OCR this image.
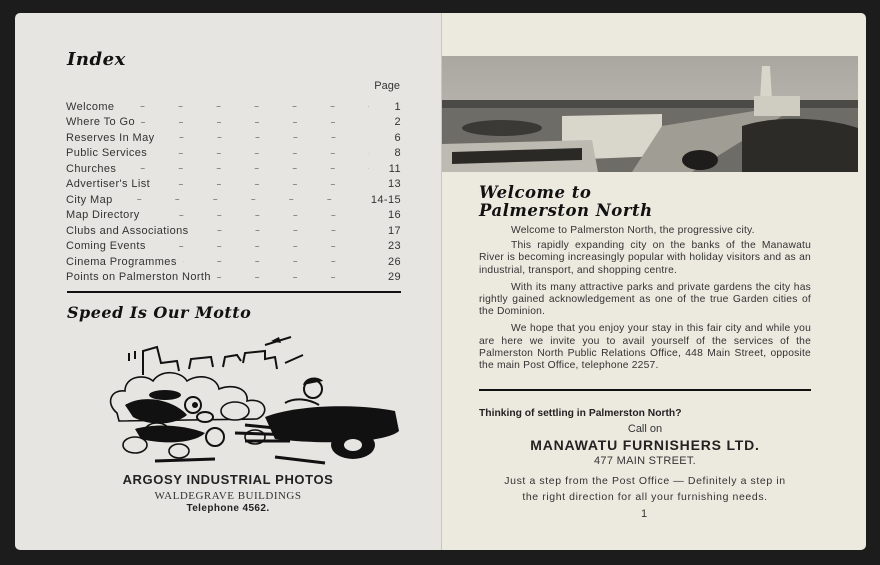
Index
Page
Welcome	1
Where To Go	2
Reserves In May	6
Public Services	8
Churches	11
Advertiser's List	13
City Map	14-15
Map Directory	16
Clubs and Associations	17
Coming Events	23
Cinema Programmes	26
Points on Palmerston North	29
Speed Is Our Motto
ARGOSY INDUSTRIAL PHOTOS
WALDEGRAVE BUILDINGS
Telephone 4562.
Welcome to
Palmerston North

Welcome to Palmerston North, the progressive city.

This rapidly expanding city on the banks of the Manawatu River is becoming increasingly popular with holiday visitors and as an industrial, transport, and shopping centre.

With its many attractive parks and private gardens the city has rightly gained acknowledgement as one of the true Garden cities of the Dominion.

We hope that you enjoy your stay in this fair city and while you are here we invite you to avail yourself of the services of the Palmerston North Public Relations Office, 448 Main Street, opposite the main Post Office, telephone 2257.

Thinking of settling in Palmerston North?
Call on
MANAWATU FURNISHERS LTD.
477 MAIN STREET.
Just a step from the Post Office — Definitely a step in
the right direction for all your furnishing needs.
1
